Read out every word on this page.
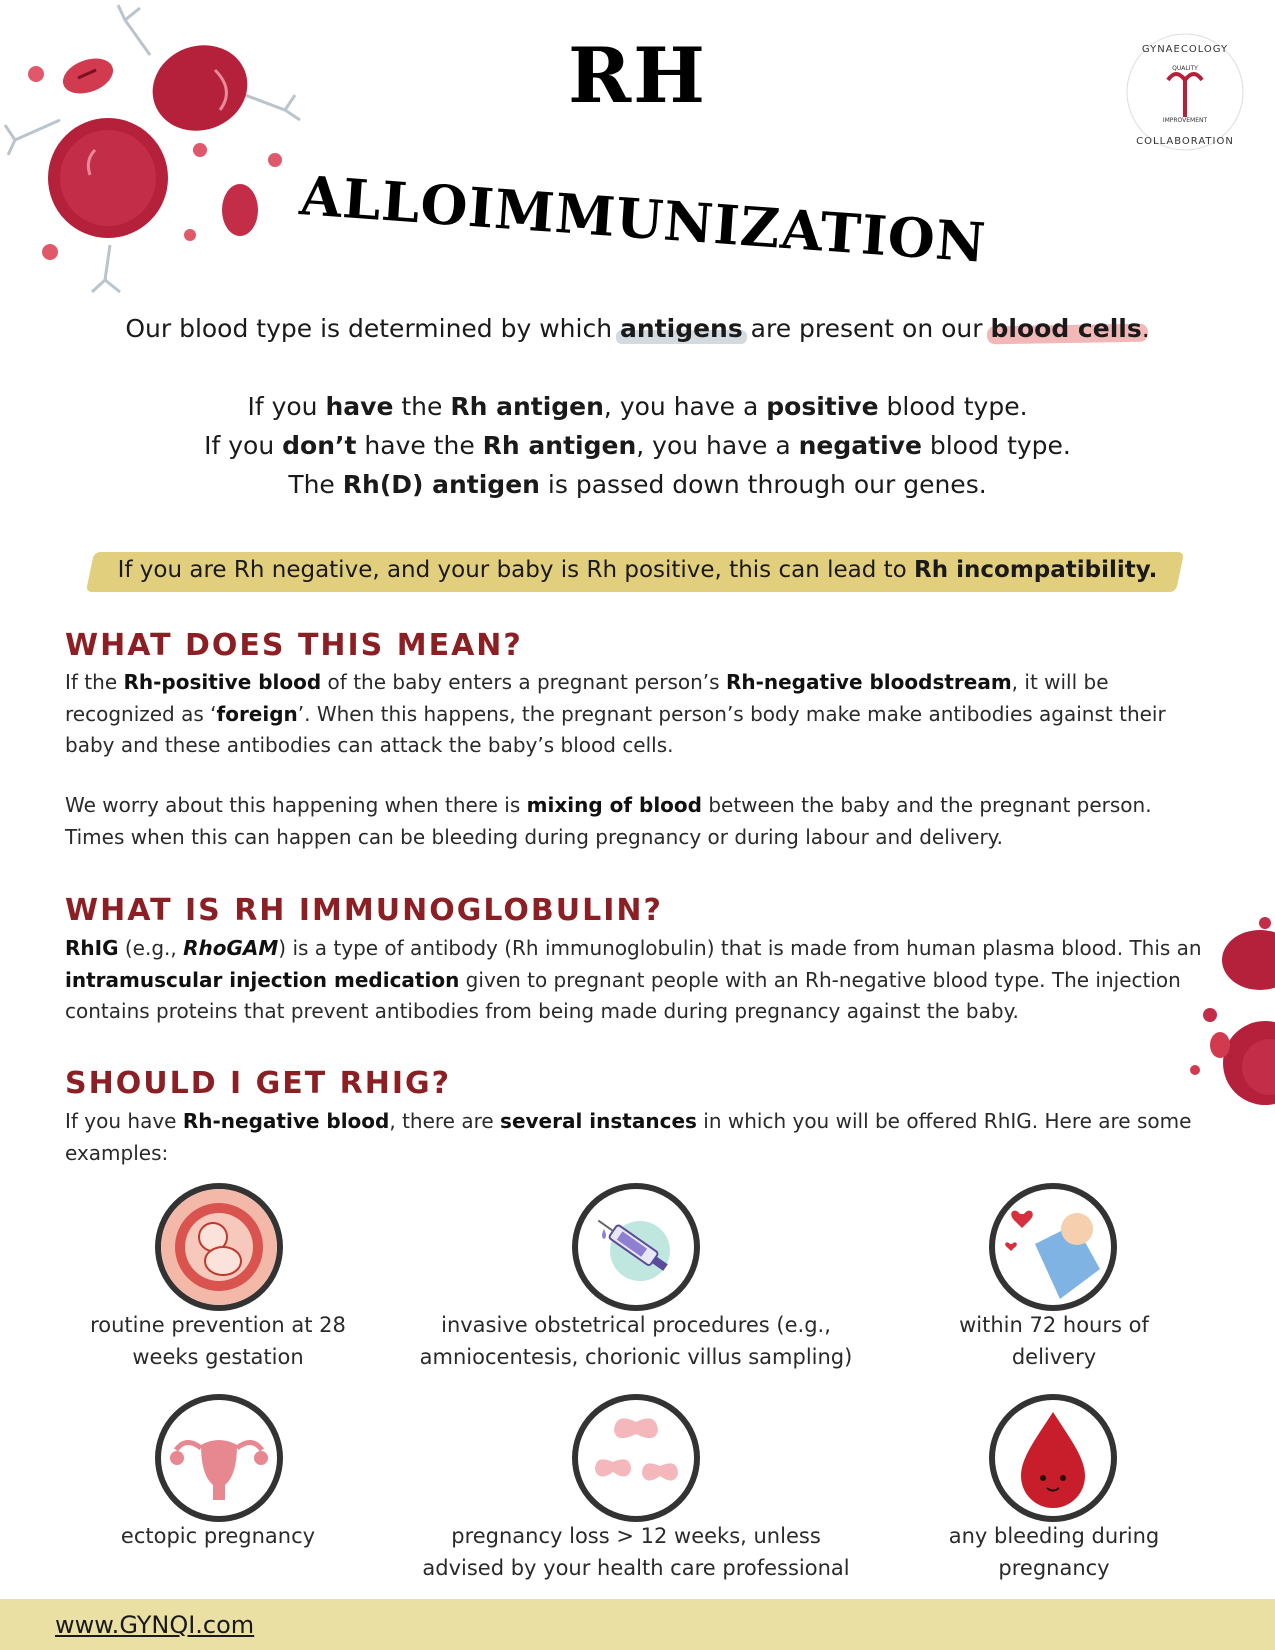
GYNAECOLOGY
QUALITY
IMPROVEMENT
COLLABORATION
RH
ALLOIMMUNIZATION
Our blood type is determined by which antigens are present on our blood cells.
If you have the Rh antigen, you have a positive blood type.
If you don’t have the Rh antigen, you have a negative blood type.
The Rh(D) antigen is passed down through our genes.
If you are Rh negative, and your baby is Rh positive, this can lead to Rh incompatibility.
WHAT DOES THIS MEAN?
If the Rh-positive blood of the baby enters a pregnant person’s Rh-negative bloodstream, it will be recognized as ‘foreign’. When this happens, the pregnant person’s body make make antibodies against their baby and these antibodies can attack the baby’s blood cells.
We worry about this happening when there is mixing of blood between the baby and the pregnant person. Times when this can happen can be bleeding during pregnancy or during labour and delivery.
WHAT IS RH IMMUNOGLOBULIN?
RhIG (e.g., RhoGAM) is a type of antibody (Rh immunoglobulin) that is made from human plasma blood. This an intramuscular injection medication given to pregnant people with an Rh-negative blood type. The injection contains proteins that prevent antibodies from being made during pregnancy against the baby.
SHOULD I GET RHIG?
If you have Rh-negative blood, there are several instances in which you will be offered RhIG. Here are some examples:
routine prevention at 28
weeks gestation
invasive obstetrical procedures (e.g.,
amniocentesis, chorionic villus sampling)
within 72 hours of
delivery
ectopic pregnancy	pregnancy loss > 12 weeks, unless
advised by your health care professional
any bleeding during
pregnancy
www.GYNQI.com
